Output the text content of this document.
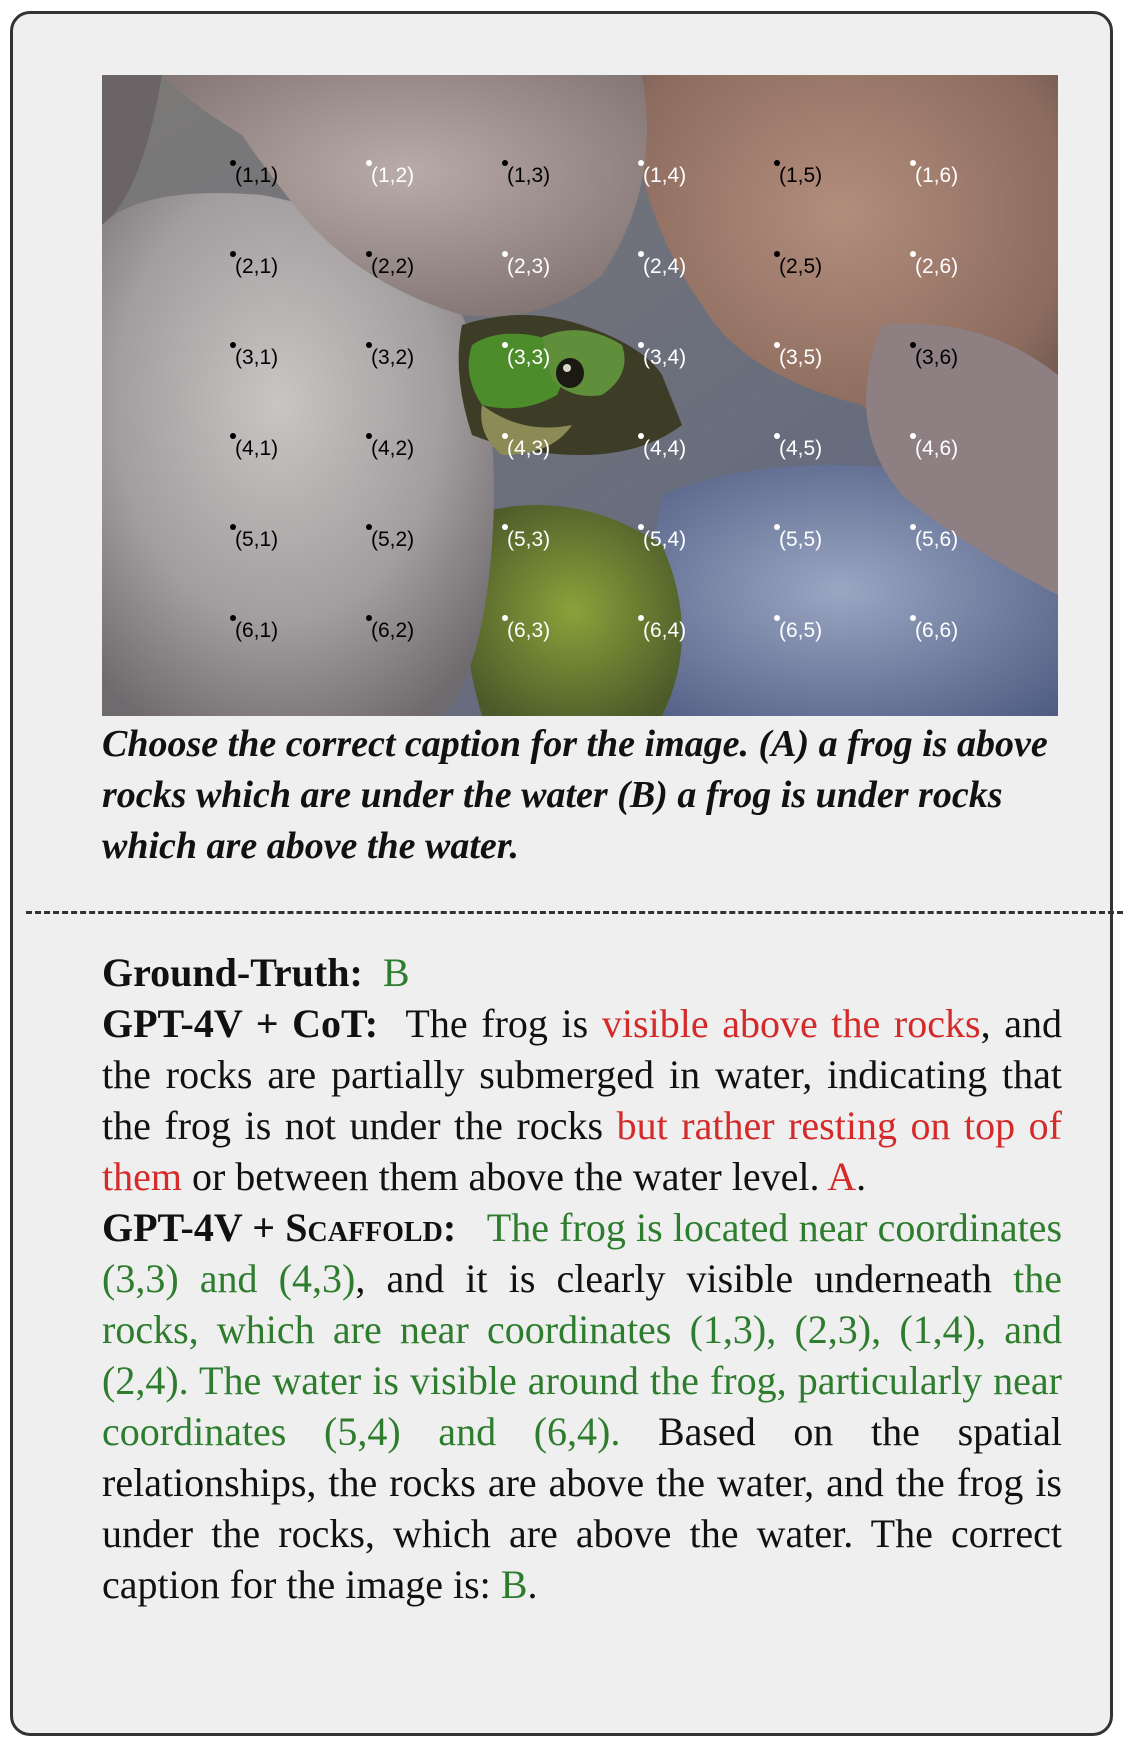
(1,1)	(1,2)	(1,3)	(1,4)	(1,5)	(1,6)
(2,1)	(2,2)	(2,3)	(2,4)	(2,5)	(2,6)
(3,1)	(3,2)	(3,3)	(3,4)	(3,5)	(3,6)
(4,1)	(4,2)	(4,3)	(4,4)	(4,5)	(4,6)
(5,1)	(5,2)	(5,3)	(5,4)	(5,5)	(5,6)
(6,1)	(6,2)	(6,3)	(6,4)	(6,5)	(6,6)
Choose the correct caption for the image. (A) a frog is above rocks which are under the water (B) a frog is under rocks which are above the water.

Ground-Truth: B

GPT-4V + CoT: The frog is visible above the rocks, and the rocks are partially submerged in water, indicating that the frog is not under the rocks but rather resting on top of them or between them above the water level. A.

GPT-4V + Scaffold: The frog is located near coordinates (3,3) and (4,3), and it is clearly visible underneath the rocks, which are near coordinates (1,3), (2,3), (1,4), and (2,4). The water is visible around the frog, particularly near coordinates (5,4) and (6,4). Based on the spatial relationships, the rocks are above the water, and the frog is under the rocks, which are above the water. The correct caption for the image is: B.
